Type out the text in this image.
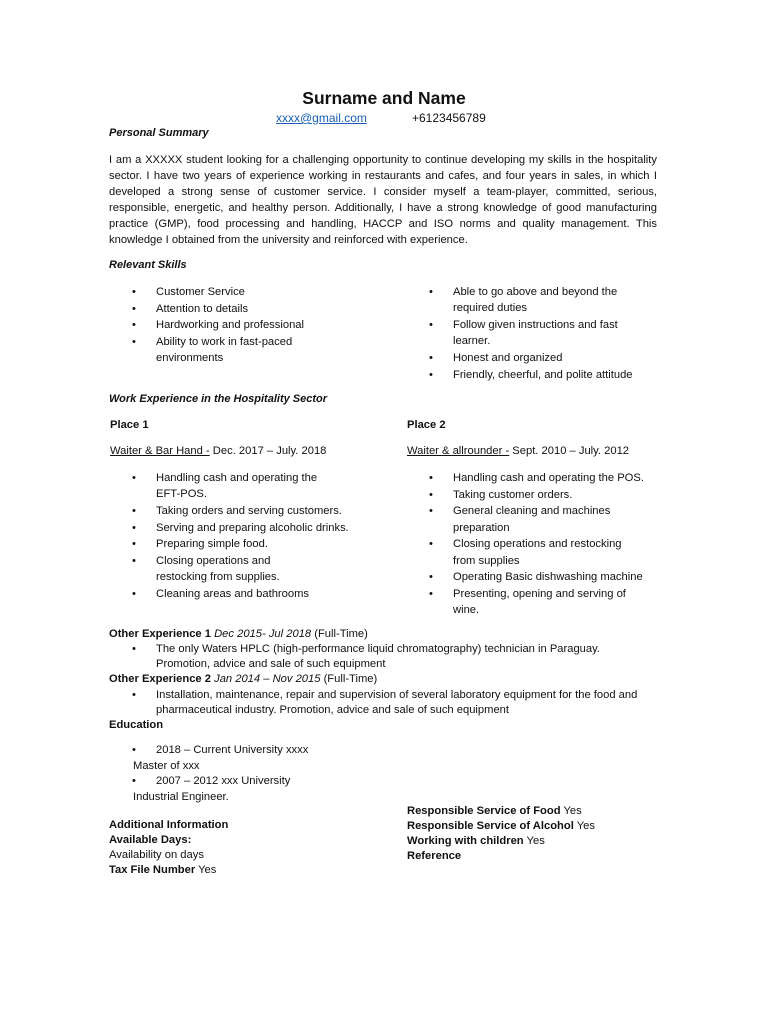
Surname and Name
xxxx@gmail.com	+6123456789
Personal Summary
I am a XXXXX student looking for a challenging opportunity to continue developing my skills in the hospitality sector. I have two years of experience working in restaurants and cafes, and four years in sales, in which I developed a strong sense of customer service. I consider myself a team-player, committed, serious, responsible, energetic, and healthy person. Additionally, I have a strong knowledge of good manufacturing practice (GMP), food processing and handling, HACCP and ISO norms and quality management. This knowledge I obtained from the university and reinforced with experience.
Relevant Skills
• Customer Service
• Attention to details
• Hardworking and professional
• Ability to work in fast-paced environments
• Able to go above and beyond the required duties
• Follow given instructions and fast learner.
• Honest and organized
• Friendly, cheerful, and polite attitude
Work Experience in the Hospitality Sector
Place 1	Place 2
Waiter & Bar Hand - Dec. 2017 – July. 2018	Waiter & allrounder - Sept. 2010 – July. 2012
• Handling cash and operating the EFT-POS.
• Taking orders and serving customers.
• Serving and preparing alcoholic drinks.
• Preparing simple food.
• Closing operations and restocking from supplies.
• Cleaning areas and bathrooms
• Handling cash and operating the POS.
• Taking customer orders.
• General cleaning and machines preparation
• Closing operations and restocking from supplies
• Operating Basic dishwashing machine
• Presenting, opening and serving of wine.
Other Experience 1 Dec 2015- Jul 2018 (Full-Time)
• The only Waters HPLC (high-performance liquid chromatography) technician in Paraguay. Promotion, advice and sale of such equipment
Other Experience 2 Jan 2014 – Nov 2015 (Full-Time)
• Installation, maintenance, repair and supervision of several laboratory equipment for the food and pharmaceutical industry. Promotion, advice and sale of such equipment
Education
• 2018 – Current University xxxx
Master of xxx
• 2007 – 2012 xxx University
Industrial Engineer.
Responsible Service of Food Yes
Responsible Service of Alcohol Yes
Working with children Yes
Reference
Additional Information
Available Days:
Availability on days
Tax File Number Yes
